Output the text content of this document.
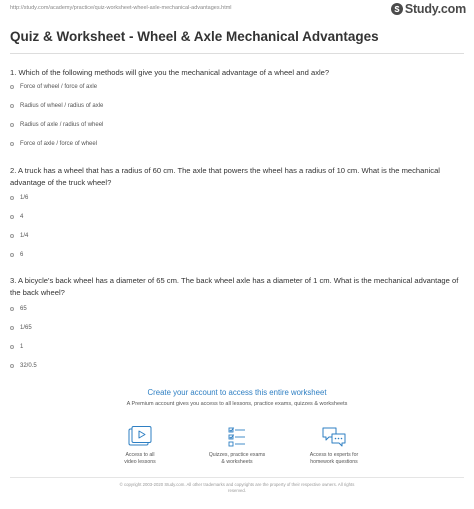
http://study.com/academy/practice/quiz-worksheet-wheel-axle-mechanical-advantages.html	Study.com
Quiz & Worksheet - Wheel & Axle Mechanical Advantages

1. Which of the following methods will give you the mechanical advantage of a wheel and axle?

Force of wheel / force of axle
Radius of wheel / radius of axle
Radius of axle / radius of wheel
Force of axle / force of wheel

2. A truck has a wheel that has a radius of 60 cm. The axle that powers the wheel has a radius of 10 cm. What is the mechanical advantage of the truck wheel?

1/6
4
1/4
6

3. A bicycle's back wheel has a diameter of 65 cm. The back wheel axle has a diameter of 1 cm. What is the mechanical advantage of the back wheel?

65
1/65
1
32/0.5
Create your account to access this entire worksheet
A Premium account gives you access to all lessons, practice exams, quizzes & worksheets
Access to all
video lessons
Quizzes, practice exams
& worksheets
Access to experts for
homework questions
© copyright 2003-2020 Study.com. All other trademarks and copyrights are the property of their respective owners. All rights
reserved.
